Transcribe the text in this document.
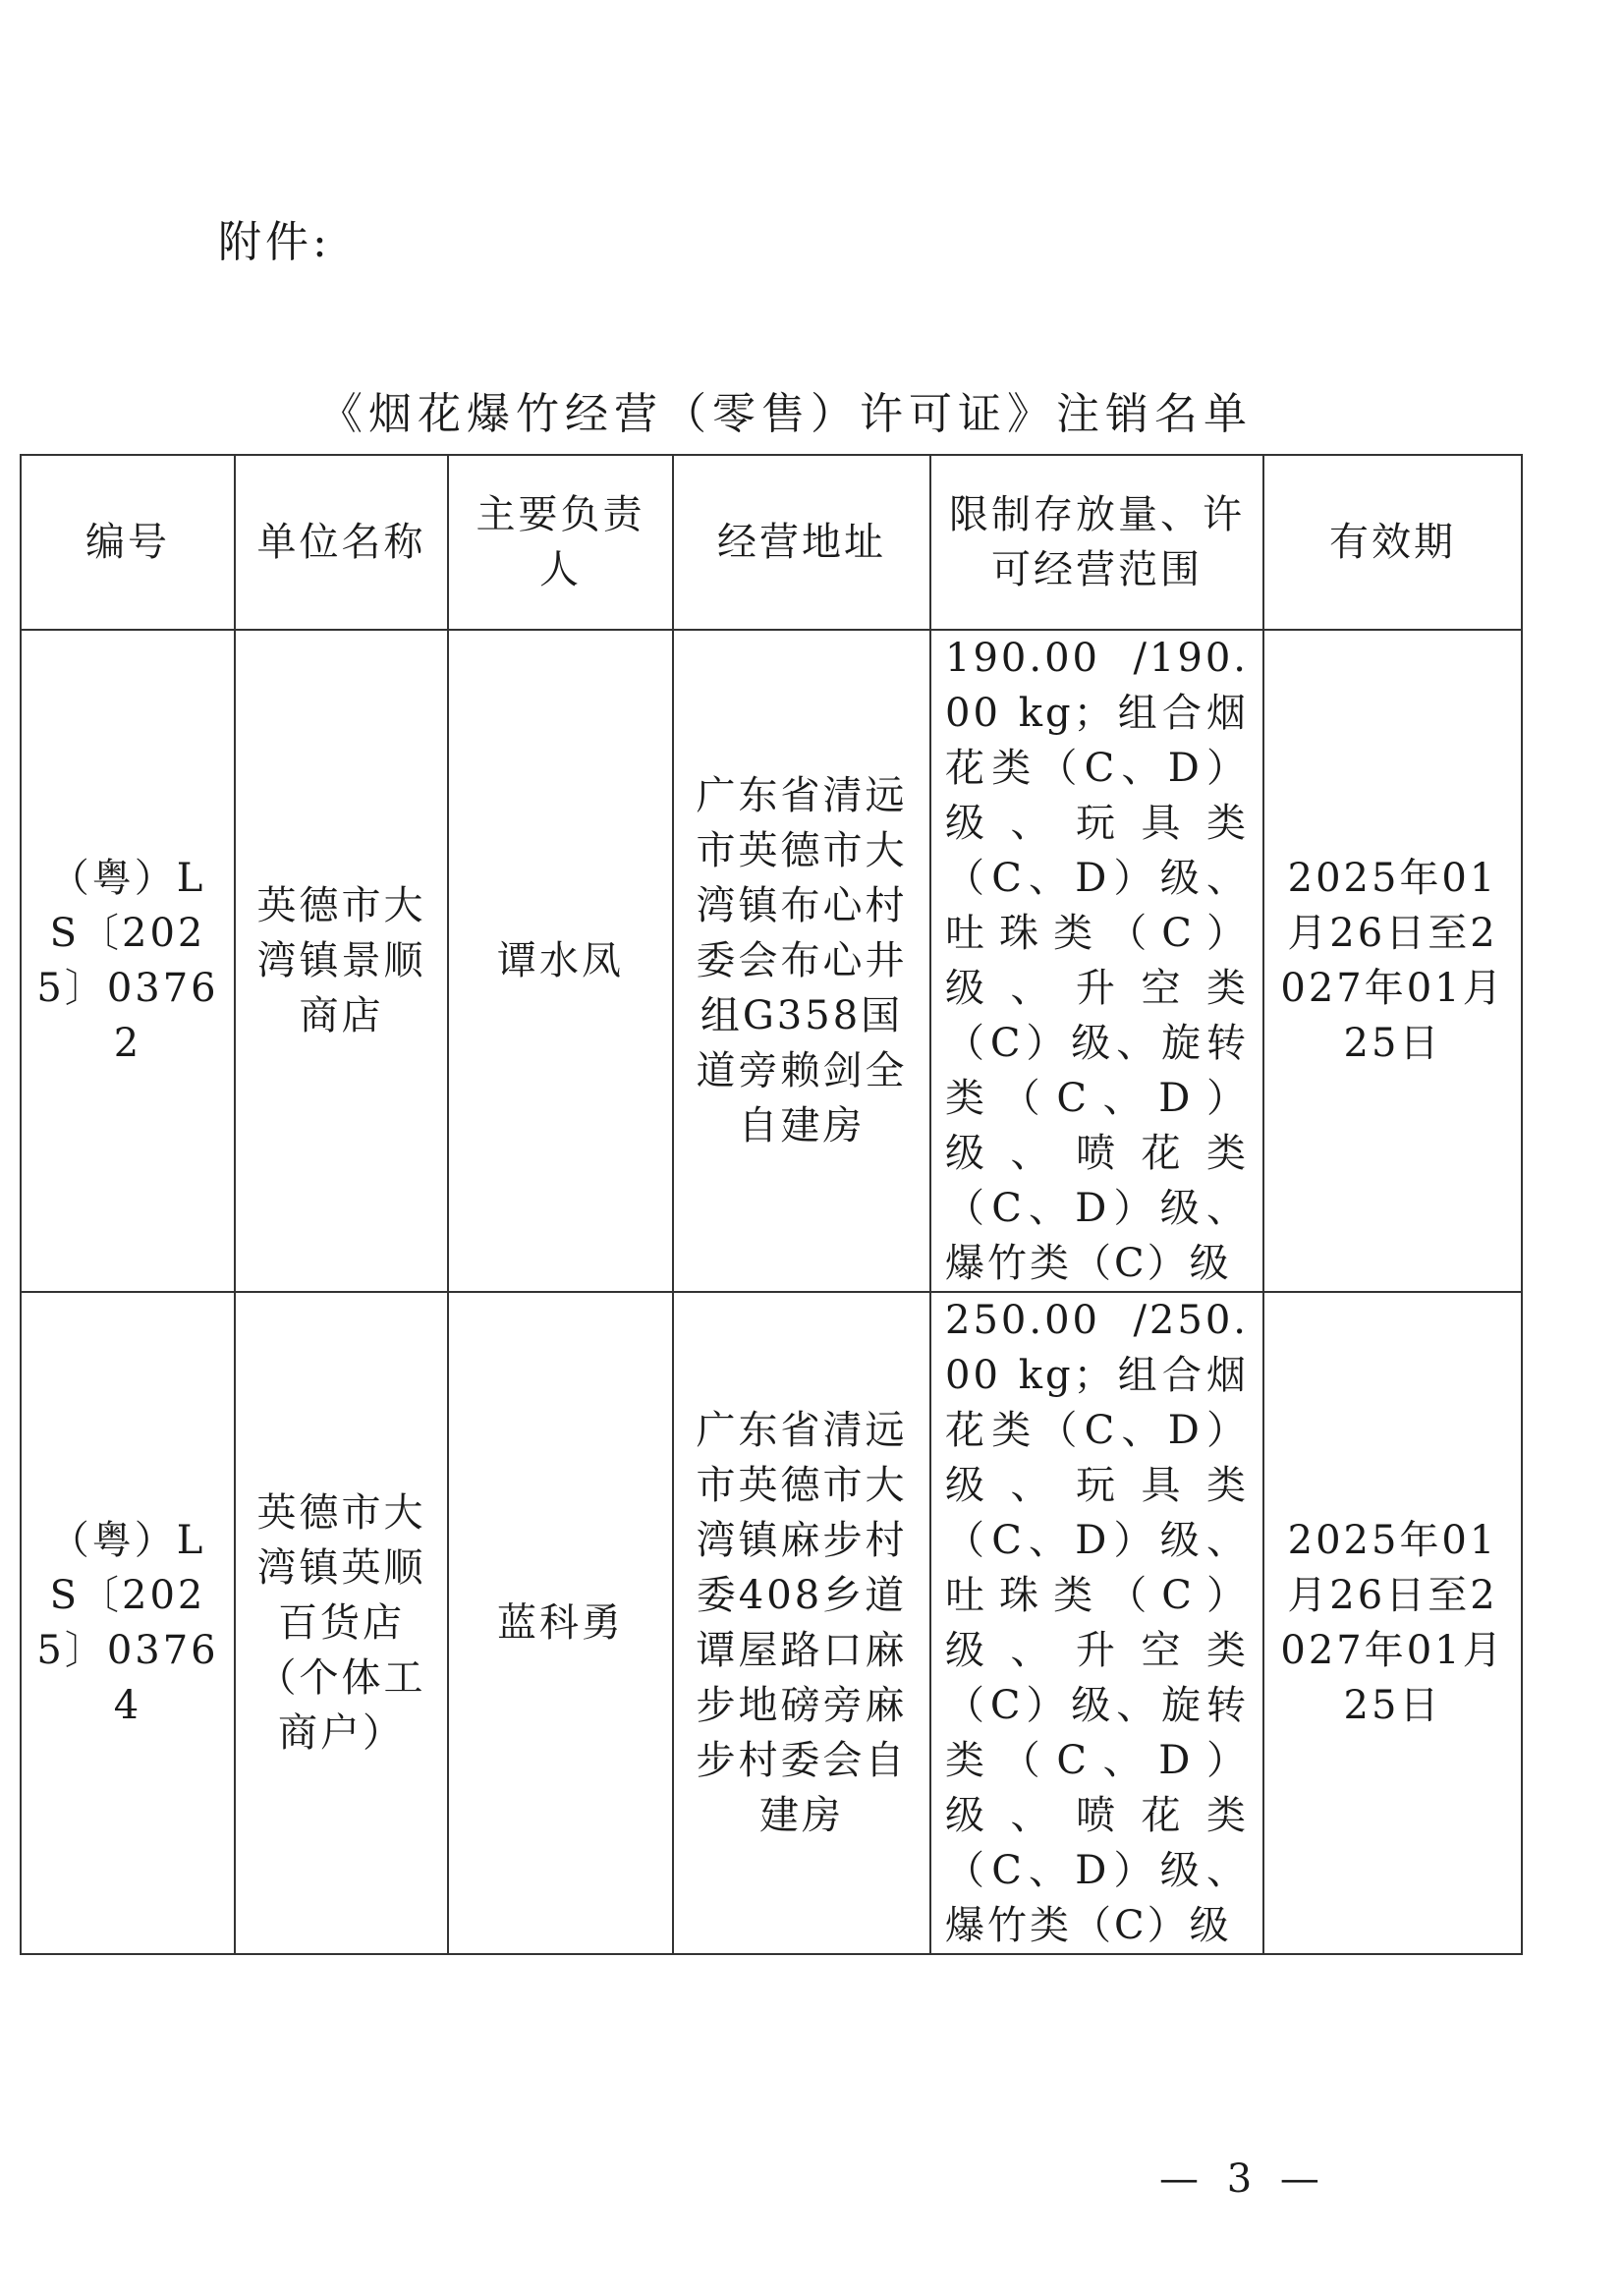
附件:
《烟花爆竹经营（零售）许可证》注销名单
编号	单位名称	主要负责人	经营地址	限制存放量、许可经营范围	有效期

（粤）LS〔2025〕03762	英德市大湾镇景顺商店	谭水凤	广东省清远市英德市大湾镇布心村委会布心井组G358国道旁赖剑全自建房	190.00 /190.00 kg；组合烟花类（C、D）级、玩具类（C、D）级、吐珠类（C）级、升空类（C）级、旋转类（C、D）级、喷花类（C、D）级、爆竹类（C）级	2025年01月26日至2027年01月25日

（粤）LS〔2025〕03764	英德市大湾镇英顺百货店（个体工商户）	蓝科勇	广东省清远市英德市大湾镇麻步村委408乡道谭屋路口麻步地磅旁麻步村委会自建房	250.00 /250.00 kg；组合烟花类（C、D）级、玩具类（C、D）级、吐珠类（C）级、升空类（C）级、旋转类（C、D）级、喷花类（C、D）级、爆竹类（C）级	2025年01月26日至2027年01月25日
— 3 —
